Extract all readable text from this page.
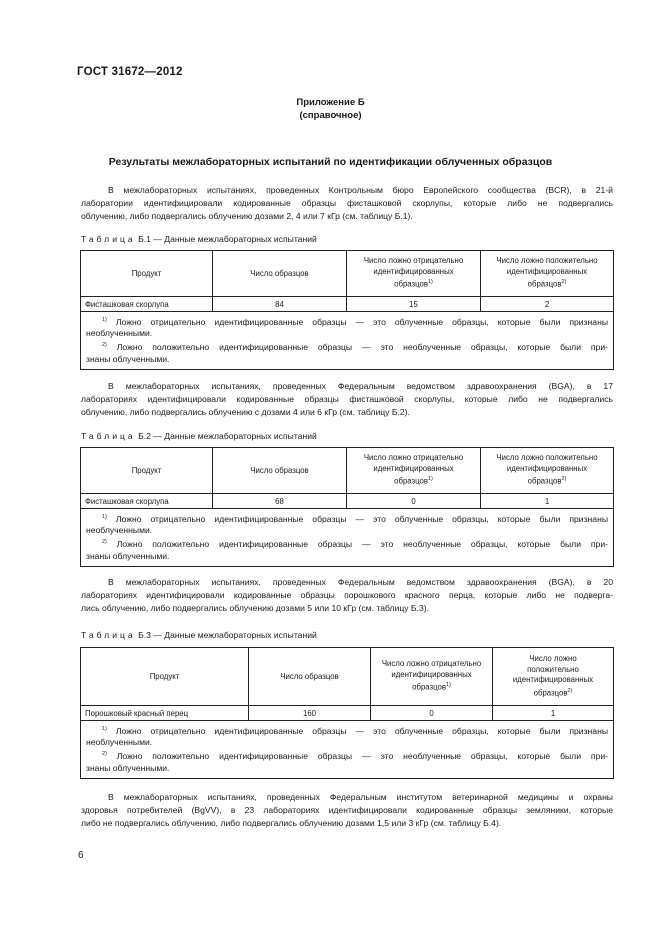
ГОСТ 31672—2012
Приложение Б
(справочное)
Результаты межлабораторных испытаний по идентификации облученных образцов
В межлабораторных испытаниях, проведенных Контрольным бюро Европейского сообщества (BCR), в 21-й
лаборатории идентифицировали кодированные образцы фисташковой скорлупы, которые либо не подвергались
облучению, либо подвергались облучению дозами 2, 4 или 7 кГр (см. таблицу Б.1).
Таблица Б.1 — Данные межлабораторных испытаний
Продукт	Число образцов	Число ложно отрицательно
идентифицированных
образцов$^{1)}$	Число ложно положительно
идентифицированных
образцов$^{2)}$
Фисташковая скорлупа	84	15	2

$^{1)}$ Ложно отрицательно идентифицированные образцы — это облученные образцы, которые были признаны
необлученными.
$^{2)}$ Ложно положительно идентифицированные образцы — это необлученные образцы, которые были при-
знаны облученными.			
В межлабораторных испытаниях, проведенных Федеральным ведомством здравоохранения (BGA), в 17
лабораториях идентифицировали кодированные образцы фисташковой скорлупы, которые либо не подвергались
облучению, либо подвергались облучению с дозами 4 или 6 кГр (см. таблицу Б.2).
Таблица Б.2 — Данные межлабораторных испытаний
Продукт	Число образцов	Число ложно отрицательно
идентифицированных
образцов$^{1)}$	Число ложно положительно
идентифицированных
образцов$^{2)}$
Фисташковая скорлупа	68	0	1

$^{1)}$ Ложно отрицательно идентифицированные образцы — это облученные образцы, которые были признаны
необлученными.
$^{2)}$ Ложно положительно идентифицированные образцы — это необлученные образцы, которые были при-
знаны облученными.			
В межлабораторных испытаниях, проведенных Федеральным ведомством здравоохранения (BGA), в 20
лабораториях идентифицировали кодированные образцы порошкового красного перца, которые либо не подверга-
лись облучению, либо подвергались облучению дозами 5 или 10 кГр (см. таблицу Б.3).
Таблица Б.3 — Данные межлабораторных испытаний
Продукт	Число образцов	Число ложно отрицательно
идентифицированных
образцов$^{1)}$	Число ложно
положительно
идентифицированных
образцов$^{2)}$
Порошковый красный перец	160	0	1

$^{1)}$ Ложно отрицательно идентифицированные образцы — это облученные образцы, которые были признаны
необлученными.
$^{2)}$ Ложно положительно идентифицированные образцы — это необлученные образцы, которые были при-
знаны облученными.			
В межлабораторных испытаниях, проведенных Федеральным институтом ветеринарной медицины и охраны
здоровья потребителей (BgVV), в 23 лабораториях идентифицировали кодированные образцы земляники, которые
либо не подвергались облучению, либо подвергались облучению дозами 1,5 или 3 кГр (см. таблицу Б.4).
6
